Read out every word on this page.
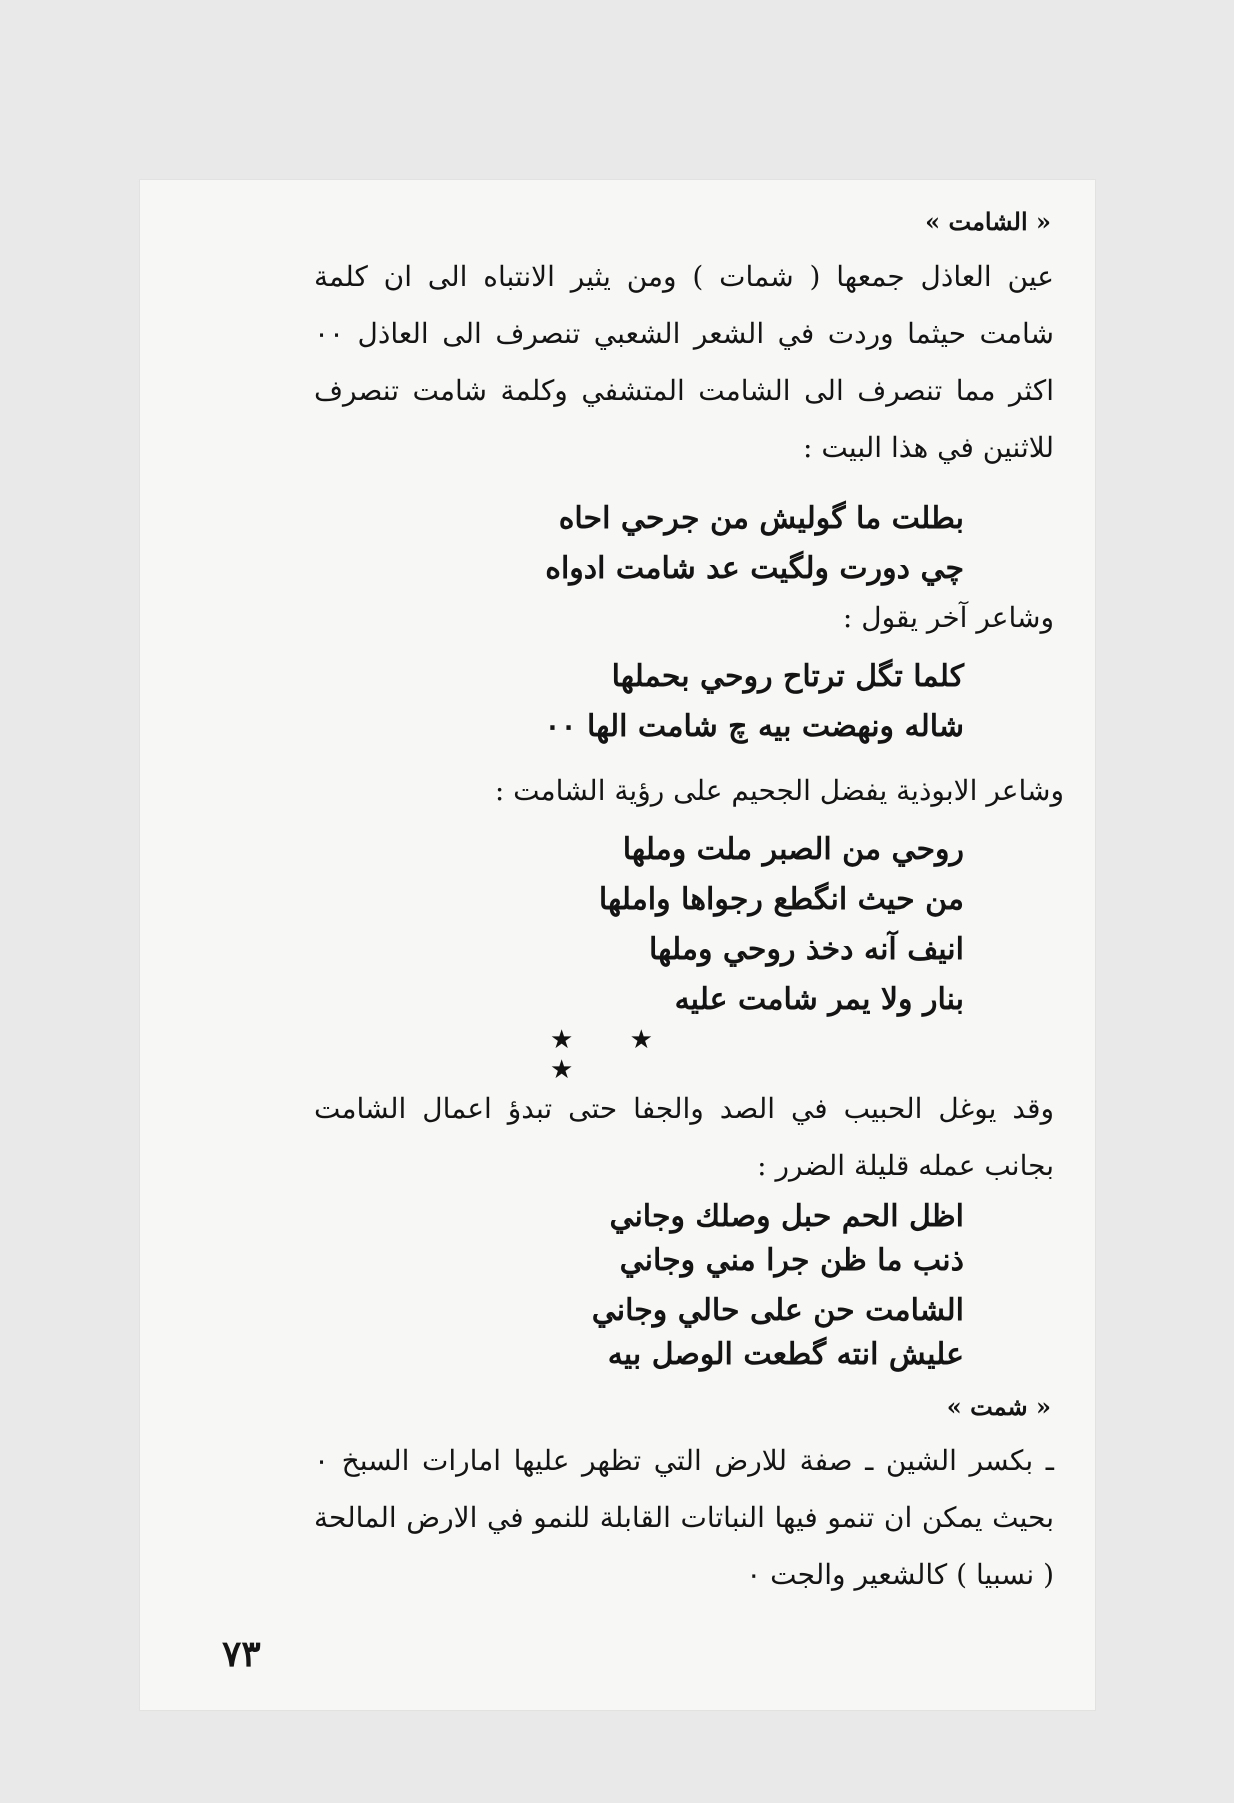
« الشامت »
عين العاذل جمعها ( شمات ) ومن يثير الانتباه الى ان كلمة شامت حيثما وردت في الشعر الشعبي تنصرف الى العاذل ٠٠ اكثر مما تنصرف الى الشامت المتشفي وكلمة شامت تنصرف للاثنين في هذا البيت :
بطلت ما گوليش من جرحي احاه
چي دورت ولگيت عد شامت ادواه
وشاعر آخر يقول :
كلما تگل ترتاح روحي بحملها
شاله ونهضت بيه چ شامت الها ٠٠
وشاعر الابوذية يفضل الجحيم على رؤية الشامت :
روحي من الصبر ملت وملها
من حيث انگطع رجواها واملها
انيف آنه دخذ روحي وملها
بنار ولا يمر شامت عليه
★ ★ ★
وقد يوغل الحبيب في الصد والجفا حتى تبدؤ اعمال الشامت بجانب عمله قليلة الضرر :
اظل الحم حبل وصلك وجاني
ذنب ما ظن جرا مني وجاني
الشامت حن على حالي وجاني
عليش انته گطعت الوصل بيه
« شمت »
ـ بكسر الشين ـ صفة للارض التي تظهر عليها امارات السبخ ٠ بحيث يمكن ان تنمو فيها النباتات القابلة للنمو في الارض المالحة ( نسبيا ) كالشعير والجت ٠
٧٣
